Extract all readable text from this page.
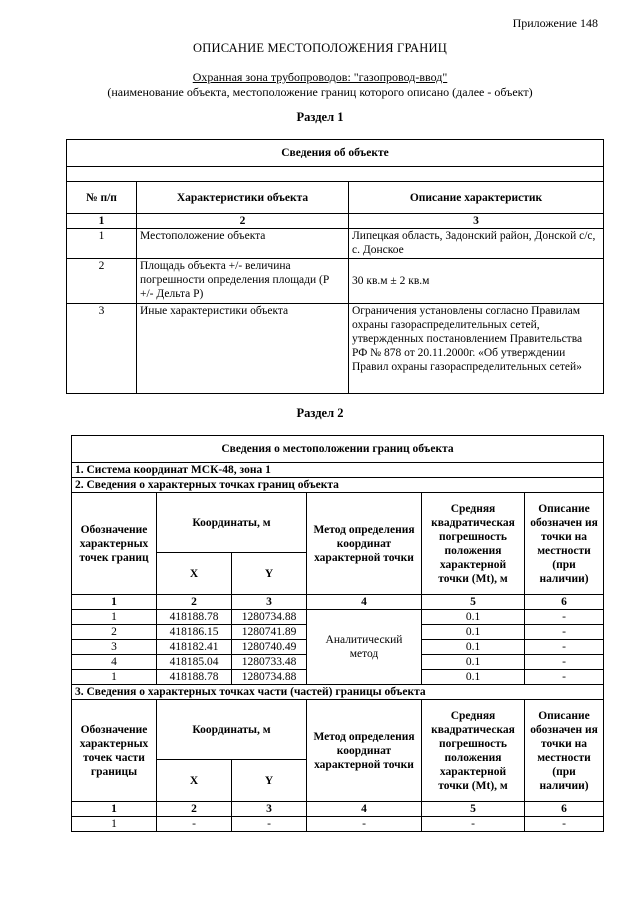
Приложение 148
ОПИСАНИЕ МЕСТОПОЛОЖЕНИЯ ГРАНИЦ
Охранная зона трубопроводов: "газопровод-ввод"
(наименование объекта, местоположение границ которого описано (далее - объект)
Раздел 1
Сведения об объекте		

№ п/п	Характеристики объекта	Описание характеристик
1	2	3
1	Местоположение объекта	Липецкая область, Задонский район, Донской с/с, с. Донское
2	Площадь объекта +/- величина погрешности определения площади (Р +/- Дельта Р)	30 кв.м ± 2 кв.м
3	Иные характеристики объекта	Ограничения установлены согласно Правилам охраны газораспределительных сетей, утвержденных постановлением Правительства РФ № 878 от 20.11.2000г. «Об утверждении Правил охраны газораспределительных сетей»
Раздел 2
Сведения о местоположении границ объекта					
1. Система координат МСК-48, зона 1					
2. Сведения о характерных точках границ объекта					
Обозначение характерных точек границ	Координаты, м		Метод определения координат характерной точки	Средняя квадратическая погрешность положения характерной точки (Mt), м	Описание обозначен ия точки на местности (при наличии)
	X	Y			
1	2	3	4	5	6
1	418188.78	1280734.88	Аналитический метод	0.1	-
2	418186.15	1280741.89		0.1	-
3	418182.41	1280740.49		0.1	-
4	418185.04	1280733.48		0.1	-
1	418188.78	1280734.88		0.1	-
3. Сведения о характерных точках части (частей) границы объекта					
Обозначение характерных точек части границы	Координаты, м		Метод определения координат характерной точки	Средняя квадратическая погрешность положения характерной точки (Mt), м	Описание обозначен ия точки на местности (при наличии)
	X	Y			
1	2	3	4	5	6
1	-	-	-	-	-
